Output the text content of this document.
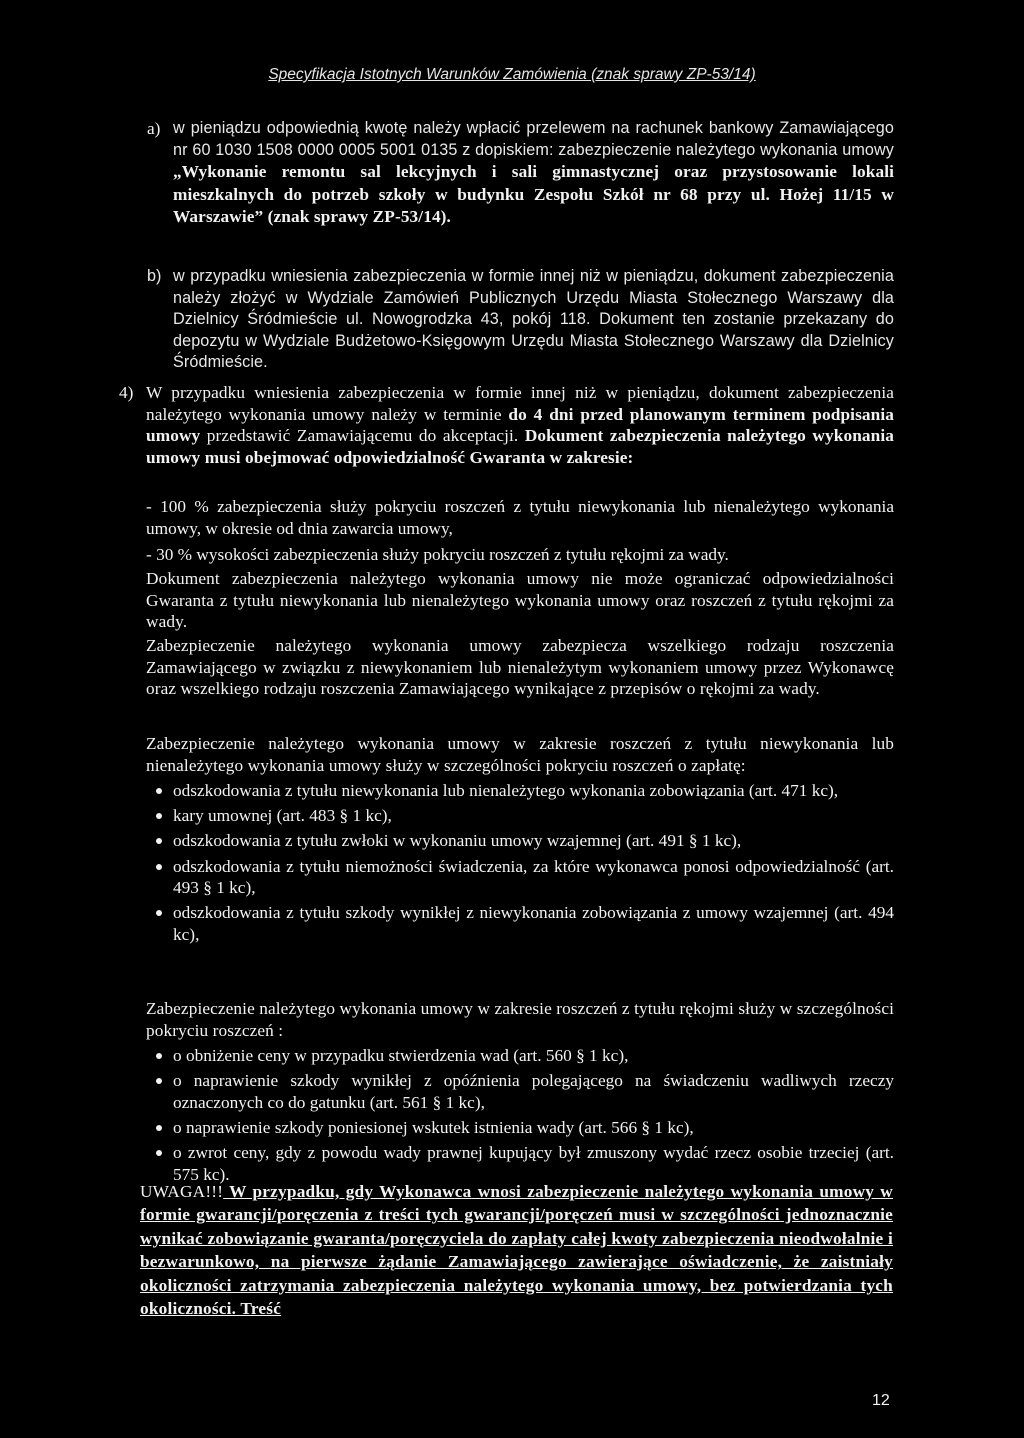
Specyfikacja Istotnych Warunków Zamówienia (znak sprawy ZP-53/14)
a) w pieniądzu odpowiednią kwotę należy wpłacić przelewem na rachunek bankowy Zamawiającego nr 60 1030 1508 0000 0005 5001 0135 z dopiskiem: zabezpieczenie należytego wykonania umowy „Wykonanie remontu sal lekcyjnych i sali gimnastycznej oraz przystosowanie lokali mieszkalnych do potrzeb szkoły w budynku Zespołu Szkół nr 68 przy ul. Hożej 11/15 w Warszawie” (znak sprawy ZP-53/14).

b) w przypadku wniesienia zabezpieczenia w formie innej niż w pieniądzu, dokument zabezpieczenia należy złożyć w Wydziale Zamówień Publicznych Urzędu Miasta Stołecznego Warszawy dla Dzielnicy Śródmieście ul. Nowogrodzka 43, pokój 118. Dokument ten zostanie przekazany do depozytu w Wydziale Budżetowo-Księgowym Urzędu Miasta Stołecznego Warszawy dla Dzielnicy Śródmieście.

4) W przypadku wniesienia zabezpieczenia w formie innej niż w pieniądzu, dokument zabezpieczenia należytego wykonania umowy należy w terminie do 4 dni przed planowanym terminem podpisania umowy przedstawić Zamawiającemu do akceptacji. Dokument zabezpieczenia należytego wykonania umowy musi obejmować odpowiedzialność Gwaranta w zakresie:

- 100 % zabezpieczenia służy pokryciu roszczeń z tytułu niewykonania lub nienależytego wykonania umowy, w okresie od dnia zawarcia umowy,

- 30 % wysokości zabezpieczenia służy pokryciu roszczeń z tytułu rękojmi za wady.

Dokument zabezpieczenia należytego wykonania umowy nie może ograniczać odpowiedzialności Gwaranta z tytułu niewykonania lub nienależytego wykonania umowy oraz roszczeń z tytułu rękojmi za wady.

Zabezpieczenie należytego wykonania umowy zabezpiecza wszelkiego rodzaju roszczenia Zamawiającego w związku z niewykonaniem lub nienależytym wykonaniem umowy przez Wykonawcę oraz wszelkiego rodzaju roszczenia Zamawiającego wynikające z przepisów o rękojmi za wady.

Zabezpieczenie należytego wykonania umowy w zakresie roszczeń z tytułu niewykonania lub nienależytego wykonania umowy służy w szczególności pokryciu roszczeń o zapłatę:

odszkodowania z tytułu niewykonania lub nienależytego wykonania zobowiązania (art. 471 kc),
kary umownej (art. 483 § 1 kc),
odszkodowania z tytułu zwłoki w wykonaniu umowy wzajemnej (art. 491 § 1 kc),
odszkodowania z tytułu niemożności świadczenia, za które wykonawca ponosi odpowiedzialność (art. 493 § 1 kc),
odszkodowania z tytułu szkody wynikłej z niewykonania zobowiązania z umowy wzajemnej (art. 494 kc),

Zabezpieczenie należytego wykonania umowy w zakresie roszczeń z tytułu rękojmi służy w szczególności pokryciu roszczeń :

o obniżenie ceny w przypadku stwierdzenia wad (art. 560 § 1 kc),
o naprawienie szkody wynikłej z opóźnienia polegającego na świadczeniu wadliwych rzeczy oznaczonych co do gatunku (art. 561 § 1 kc),
o naprawienie szkody poniesionej wskutek istnienia wady (art. 566 § 1 kc),
o zwrot ceny, gdy z powodu wady prawnej kupujący był zmuszony wydać rzecz osobie trzeciej (art. 575 kc).

UWAGA!!! W przypadku, gdy Wykonawca wnosi zabezpieczenie należytego wykonania umowy w formie gwarancji/poręczenia z treści tych gwarancji/poręczeń musi w szczególności jednoznacznie wynikać zobowiązanie gwaranta/poręczyciela do zapłaty całej kwoty zabezpieczenia nieodwołalnie i bezwarunkowo, na pierwsze żądanie Zamawiającego zawierające oświadczenie, że zaistniały okoliczności zatrzymania zabezpieczenia należytego wykonania umowy, bez potwierdzania tych okoliczności. Treść

12
